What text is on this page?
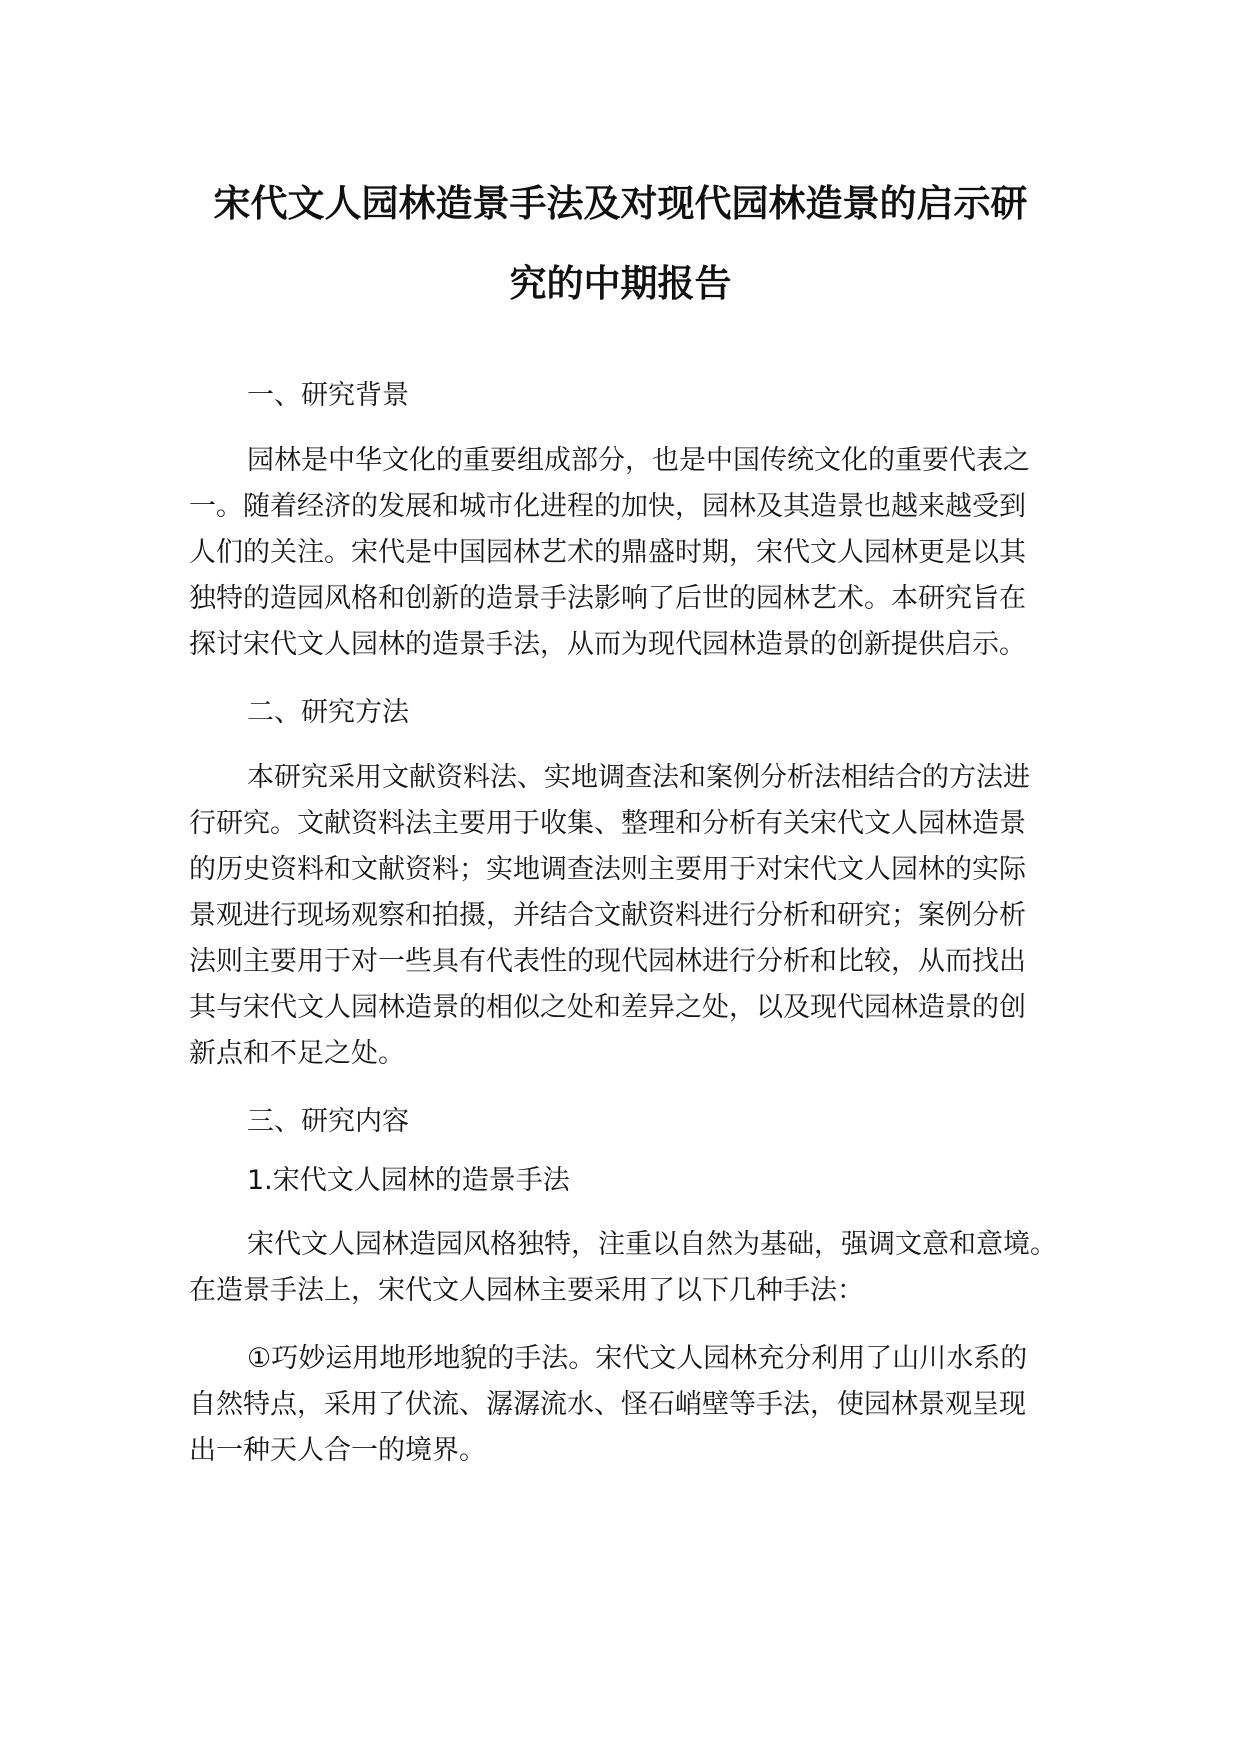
宋代文人园林造景手法及对现代园林造景的启示研
究的中期报告
一、研究背景
园林是中华文化的重要组成部分，也是中国传统文化的重要代表之
一。随着经济的发展和城市化进程的加快，园林及其造景也越来越受到
人们的关注。宋代是中国园林艺术的鼎盛时期，宋代文人园林更是以其
独特的造园风格和创新的造景手法影响了后世的园林艺术。本研究旨在
探讨宋代文人园林的造景手法，从而为现代园林造景的创新提供启示。
二、研究方法
本研究采用文献资料法、实地调查法和案例分析法相结合的方法进
行研究。文献资料法主要用于收集、整理和分析有关宋代文人园林造景
的历史资料和文献资料；实地调查法则主要用于对宋代文人园林的实际
景观进行现场观察和拍摄，并结合文献资料进行分析和研究；案例分析
法则主要用于对一些具有代表性的现代园林进行分析和比较，从而找出
其与宋代文人园林造景的相似之处和差异之处，以及现代园林造景的创
新点和不足之处。
三、研究内容
1.宋代文人园林的造景手法
宋代文人园林造园风格独特，注重以自然为基础，强调文意和意境。
在造景手法上，宋代文人园林主要采用了以下几种手法：
①巧妙运用地形地貌的手法。宋代文人园林充分利用了山川水系的
自然特点，采用了伏流、潺潺流水、怪石峭壁等手法，使园林景观呈现
出一种天人合一的境界。
